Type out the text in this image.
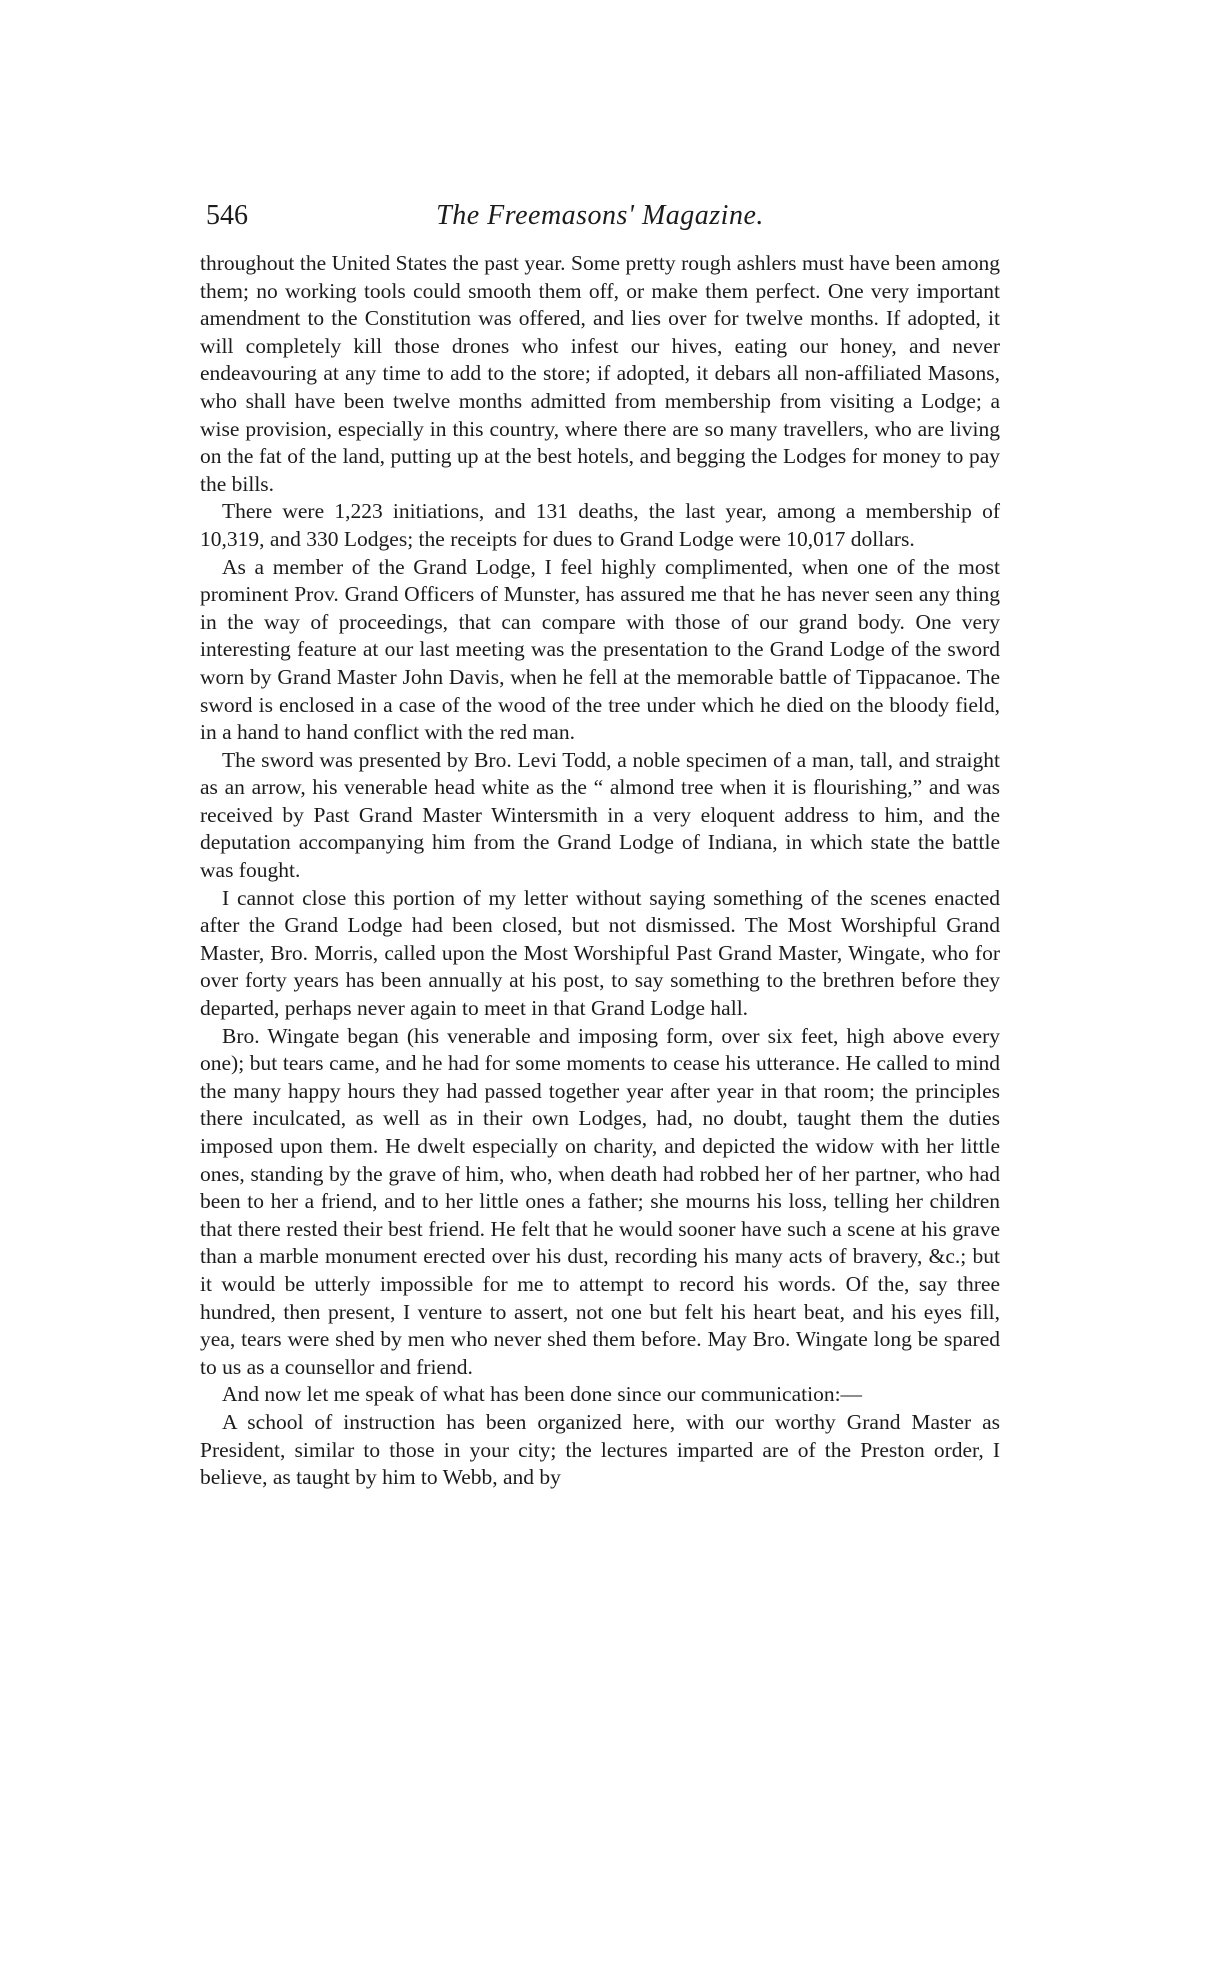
546	The Freemasons' Magazine.

throughout the United States the past year. Some pretty rough ashlers must have been among them; no working tools could smooth them off, or make them perfect. One very important amendment to the Constitution was offered, and lies over for twelve months. If adopted, it will completely kill those drones who infest our hives, eating our honey, and never endeavouring at any time to add to the store; if adopted, it debars all non-affiliated Masons, who shall have been twelve months admitted from membership from visiting a Lodge; a wise provision, especially in this country, where there are so many travellers, who are living on the fat of the land, putting up at the best hotels, and begging the Lodges for money to pay the bills.

There were 1,223 initiations, and 131 deaths, the last year, among a membership of 10,319, and 330 Lodges; the receipts for dues to Grand Lodge were 10,017 dollars.

As a member of the Grand Lodge, I feel highly complimented, when one of the most prominent Prov. Grand Officers of Munster, has assured me that he has never seen any thing in the way of proceedings, that can compare with those of our grand body. One very interesting feature at our last meeting was the presentation to the Grand Lodge of the sword worn by Grand Master John Davis, when he fell at the memorable battle of Tippacanoe. The sword is enclosed in a case of the wood of the tree under which he died on the bloody field, in a hand to hand conflict with the red man.

The sword was presented by Bro. Levi Todd, a noble specimen of a man, tall, and straight as an arrow, his venerable head white as the “ almond tree when it is flourishing,” and was received by Past Grand Master Wintersmith in a very eloquent address to him, and the deputation accompanying him from the Grand Lodge of Indiana, in which state the battle was fought.

I cannot close this portion of my letter without saying something of the scenes enacted after the Grand Lodge had been closed, but not dismissed. The Most Worshipful Grand Master, Bro. Morris, called upon the Most Worshipful Past Grand Master, Wingate, who for over forty years has been annually at his post, to say something to the brethren before they departed, perhaps never again to meet in that Grand Lodge hall.

Bro. Wingate began (his venerable and imposing form, over six feet, high above every one); but tears came, and he had for some moments to cease his utterance. He called to mind the many happy hours they had passed together year after year in that room; the principles there inculcated, as well as in their own Lodges, had, no doubt, taught them the duties imposed upon them. He dwelt especially on charity, and depicted the widow with her little ones, standing by the grave of him, who, when death had robbed her of her partner, who had been to her a friend, and to her little ones a father; she mourns his loss, telling her children that there rested their best friend. He felt that he would sooner have such a scene at his grave than a marble monument erected over his dust, recording his many acts of bravery, &c.; but it would be utterly impossible for me to attempt to record his words. Of the, say three hundred, then present, I venture to assert, not one but felt his heart beat, and his eyes fill, yea, tears were shed by men who never shed them before. May Bro. Wingate long be spared to us as a counsellor and friend.

And now let me speak of what has been done since our communication:—

A school of instruction has been organized here, with our worthy Grand Master as President, similar to those in your city; the lectures imparted are of the Preston order, I believe, as taught by him to Webb, and by
